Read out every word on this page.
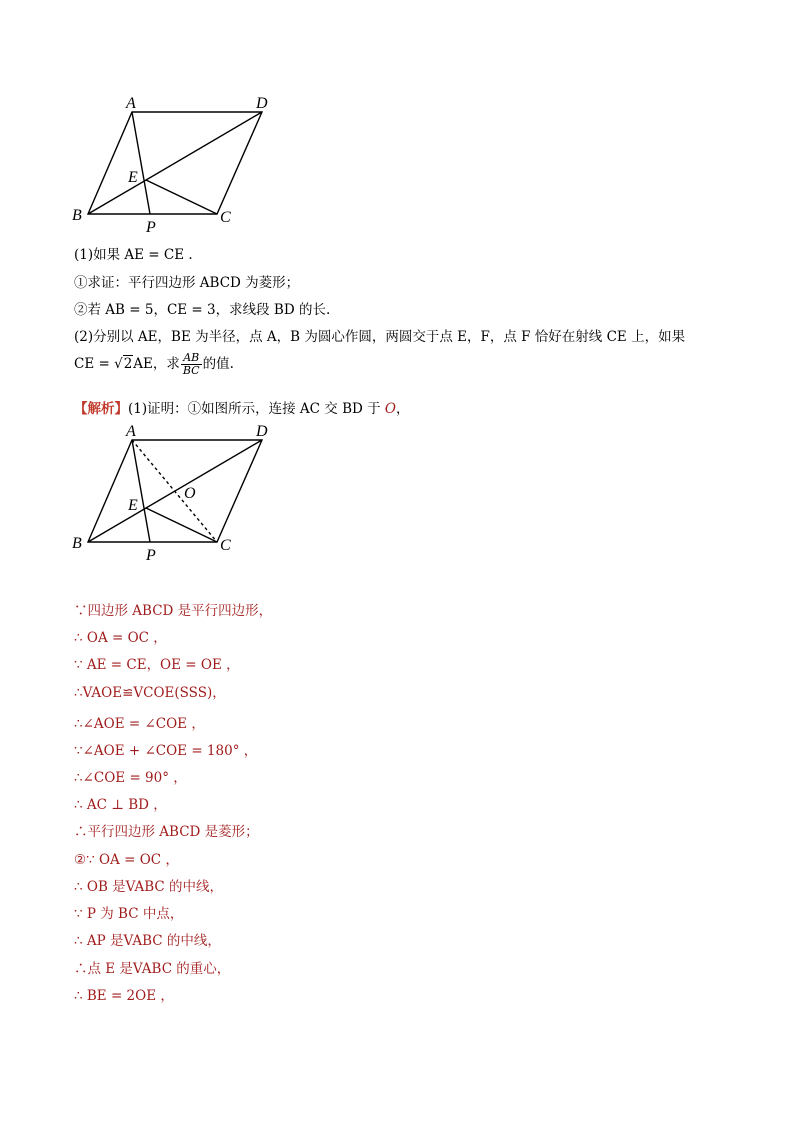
A	D
E
B
P
C
(1)如果 AE = CE .
①求证：平行四边形 ABCD 为菱形；
②若 AB = 5，CE = 3，求线段 BD 的长.
(2)分别以 AE，BE 为半径，点 A，B 为圆心作圆，两圆交于点 E，F，点 F 恰好在射线 CE 上，如果
CE = √2AE，求 $\frac{AB}{BC}$ 的值.
【解析】(1)证明：①如图所示，连接 AC 交 BD 于 O，
A	D
O
E
B
P
C
∵四边形 ABCD 是平行四边形，
∴ OA = OC ，
∵ AE = CE，OE = OE ，
∴VAOE≌VCOE(SSS)，
∴∠AOE = ∠COE ，
∵∠AOE + ∠COE = 180° ，
∴∠COE = 90° ，
∴ AC ⊥ BD ，
∴平行四边形 ABCD 是菱形；
②∵ OA = OC ，
∴ OB 是VABC 的中线，
∵ P 为 BC 中点，
∴ AP 是VABC 的中线，
∴点 E 是VABC 的重心，
∴ BE = 2OE ，
